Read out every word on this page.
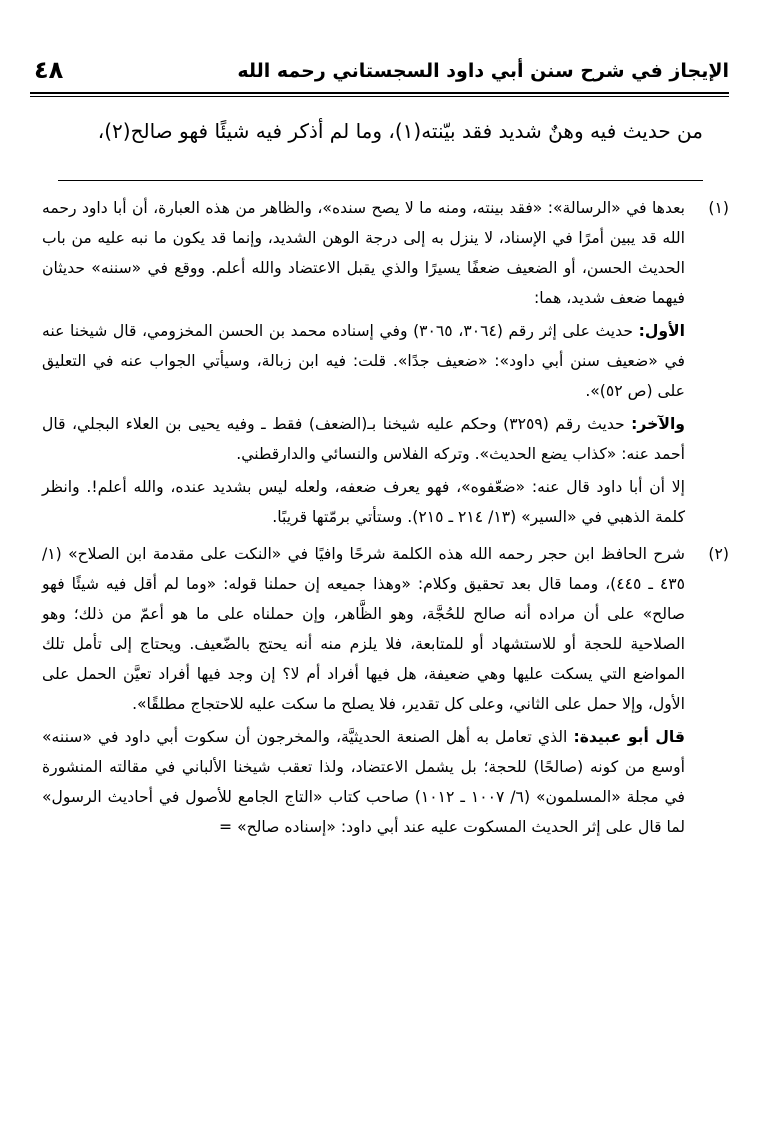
الإيجاز في شرح سنن أبي داود السجستاني رحمه الله
٤٨
من حديث فيه وهنٌ شديد فقد بيّنته(١)، وما لم أذكر فيه شيئًا فهو صالح(٢)،
(١)

بعدها في «الرسالة»: «فقد بينته، ومنه ما لا يصح سنده»، والظاهر من هذه العبارة، أن أبا داود رحمه الله قد يبين أمرًا في الإسناد، لا ينزل به إلى درجة الوهن الشديد، وإنما قد يكون ما نبه عليه من باب الحديث الحسن، أو الضعيف ضعفًا يسيرًا والذي يقبل الاعتضاد والله أعلم. ووقع في «سننه» حديثان فيهما ضعف شديد، هما:

الأول: حديث على إثر رقم (٣٠٦٤، ٣٠٦٥) وفي إسناده محمد بن الحسن المخزومي، قال شيخنا عنه في «ضعيف سنن أبي داود»: «ضعيف جدًا». قلت: فيه ابن زبالة، وسيأتي الجواب عنه في التعليق على (ص ٥٢)».

والآخر: حديث رقم (٣٢٥٩) وحكم عليه شيخنا بـ(الضعف) فقط ـ وفيه يحيى بن العلاء البجلي، قال أحمد عنه: «كذاب يضع الحديث». وتركه الفلاس والنسائي والدارقطني.

إلا أن أبا داود قال عنه: «ضعّفوه»، فهو يعرف ضعفه، ولعله ليس بشديد عنده، والله أعلم!. وانظر كلمة الذهبي في «السير» (١٣/ ٢١٤ ـ ٢١٥). وستأتي برمّتها قريبًا.

(٢)

شرح الحافظ ابن حجر رحمه الله هذه الكلمة شرحًا وافيًا في «النكت على مقدمة ابن الصلاح» (١/ ٤٣٥ ـ ٤٤٥)، ومما قال بعد تحقيق وكلام: «وهذا جميعه إن حملنا قوله: «وما لم أقل فيه شيئًا فهو صالح» على أن مراده أنه صالح للحُجَّة، وهو الظَّاهر، وإن حملناه على ما هو أعمّ من ذلك؛ وهو الصلاحية للحجة أو للاستشهاد أو للمتابعة، فلا يلزم منه أنه يحتج بالضّعيف. ويحتاج إلى تأمل تلك المواضع التي يسكت عليها وهي ضعيفة، هل فيها أفراد أم لا؟ إن وجد فيها أفراد تعيَّن الحمل على الأول، وإلا حمل على الثاني، وعلى كل تقدير، فلا يصلح ما سكت عليه للاحتجاج مطلقًا».

قال أبو عبيدة: الذي تعامل به أهل الصنعة الحديثيَّة، والمخرجون أن سكوت أبي داود في «سننه» أوسع من كونه (صالحًا) للحجة؛ بل يشمل الاعتضاد، ولذا تعقب شيخنا الألباني في مقالته المنشورة في مجلة «المسلمون» (٦/ ١٠٠٧ ـ ١٠١٢) صاحب كتاب «التاج الجامع للأصول في أحاديث الرسول» لما قال على إثر الحديث المسكوت عليه عند أبي داود: «إسناده صالح» =
